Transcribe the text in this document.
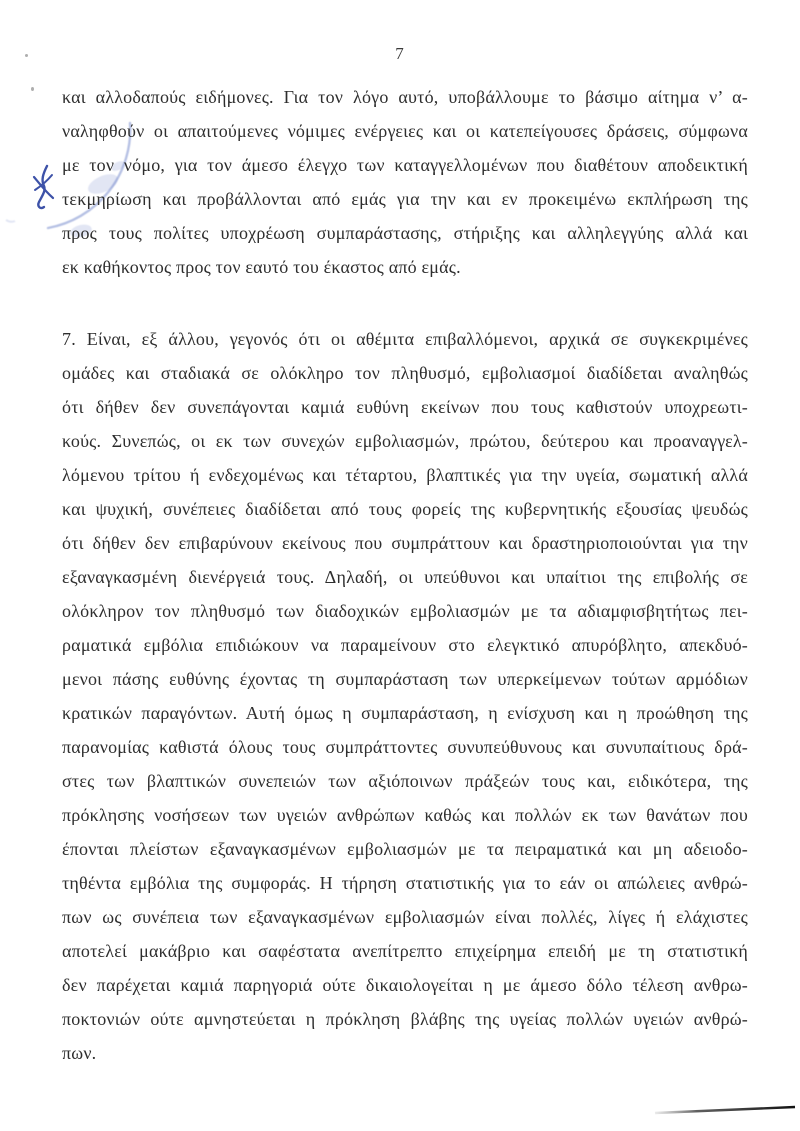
7
και αλλοδαπούς ειδήμονες. Για τον λόγο αυτό, υποβάλλουμε το βάσιμο αίτημα ν’ α-
ναληφθούν οι απαιτούμενες νόμιμες ενέργειες και οι κατεπείγουσες δράσεις, σύμφωνα
με τον νόμο, για τον άμεσο έλεγχο των καταγγελλομένων που διαθέτουν αποδεικτική
τεκμηρίωση και προβάλλονται από εμάς για την και εν προκειμένω εκπλήρωση της
προς τους πολίτες υποχρέωση συμπαράστασης, στήριξης και αλληλεγγύης αλλά και
εκ καθήκοντος προς τον εαυτό του έκαστος από εμάς.
7. Είναι, εξ άλλου, γεγονός ότι οι αθέμιτα επιβαλλόμενοι, αρχικά σε συγκεκριμένες
ομάδες και σταδιακά σε ολόκληρο τον πληθυσμό, εμβολιασμοί διαδίδεται αναληθώς
ότι δήθεν δεν συνεπάγονται καμιά ευθύνη εκείνων που τους καθιστούν υποχρεωτι-
κούς. Συνεπώς, οι εκ των συνεχών εμβολιασμών, πρώτου, δεύτερου και προαναγγελ-
λόμενου τρίτου ή ενδεχομένως και τέταρτου, βλαπτικές για την υγεία, σωματική αλλά
και ψυχική, συνέπειες διαδίδεται από τους φορείς της κυβερνητικής εξουσίας ψευδώς
ότι δήθεν δεν επιβαρύνουν εκείνους που συμπράττουν και δραστηριοποιούνται για την
εξαναγκασμένη διενέργειά τους. Δηλαδή, οι υπεύθυνοι και υπαίτιοι της επιβολής σε
ολόκληρον τον πληθυσμό των διαδοχικών εμβολιασμών με τα αδιαμφισβητήτως πει-
ραματικά εμβόλια επιδιώκουν να παραμείνουν στο ελεγκτικό απυρόβλητο, απεκδυό-
μενοι πάσης ευθύνης έχοντας τη συμπαράσταση των υπερκείμενων τούτων αρμόδιων
κρατικών παραγόντων. Αυτή όμως η συμπαράσταση, η ενίσχυση και η προώθηση της
παρανομίας καθιστά όλους τους συμπράττοντες συνυπεύθυνους και συνυπαίτιους δρά-
στες των βλαπτικών συνεπειών των αξιόποινων πράξεών τους και, ειδικότερα, της
πρόκλησης νοσήσεων των υγειών ανθρώπων καθώς και πολλών εκ των θανάτων που
έπονται πλείστων εξαναγκασμένων εμβολιασμών με τα πειραματικά και μη αδειοδο-
τηθέντα εμβόλια της συμφοράς. Η τήρηση στατιστικής για το εάν οι απώλειες ανθρώ-
πων ως συνέπεια των εξαναγκασμένων εμβολιασμών είναι πολλές, λίγες ή ελάχιστες
αποτελεί μακάβριο και σαφέστατα ανεπίτρεπτο επιχείρημα επειδή με τη στατιστική
δεν παρέχεται καμιά παρηγοριά ούτε δικαιολογείται η με άμεσο δόλο τέλεση ανθρω-
ποκτονιών ούτε αμνηστεύεται η πρόκληση βλάβης της υγείας πολλών υγειών ανθρώ-
πων.
